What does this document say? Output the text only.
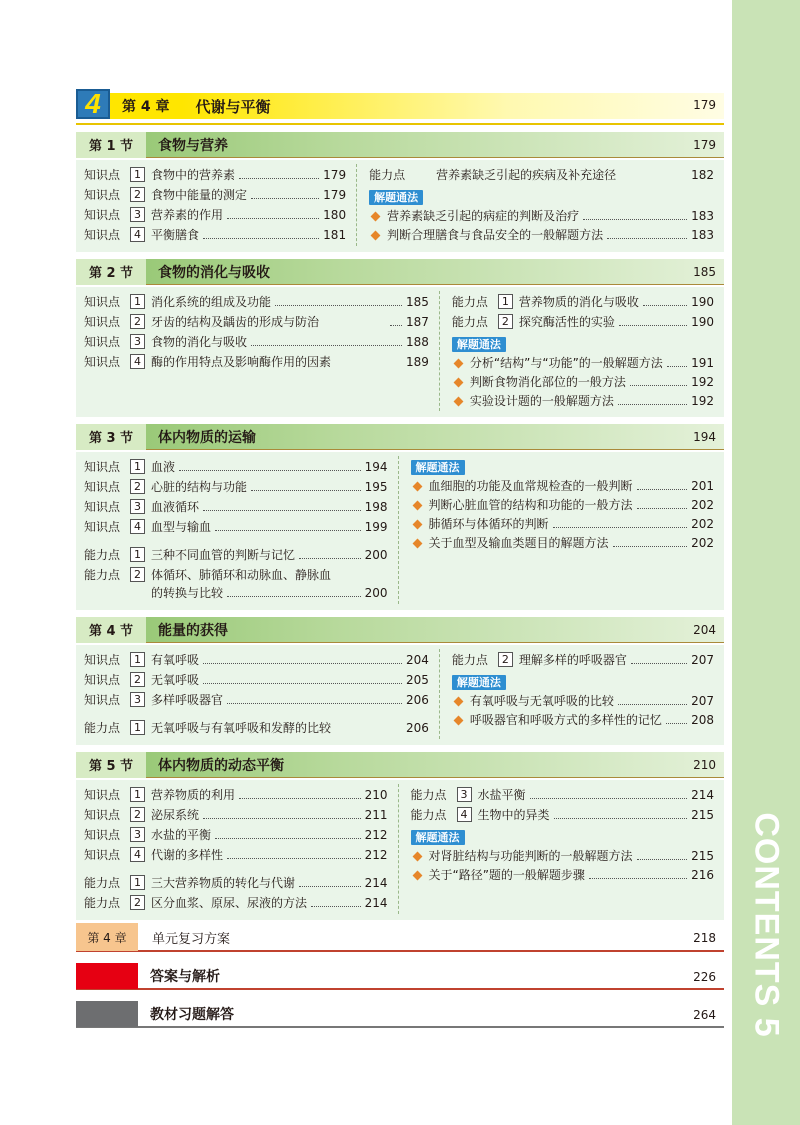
CONTENTS 5
4	第 4 章	代谢与平衡	179
第 1 节	食物与营养	179
知识点	1 食物中的营养素	179
知识点	2 食物中能量的测定	179
知识点	3 营养素的作用	180
知识点	4 平衡膳食	181
能力点	营养素缺乏引起的疾病及补充途径	182
解题通法
营养素缺乏引起的病症的判断及治疗	183
判断合理膳食与食品安全的一般解题方法	183
第 2 节	食物的消化与吸收	185
知识点	1 消化系统的组成及功能	185
知识点	2 牙齿的结构及龋齿的形成与防治	187
知识点	3 食物的消化与吸收	188
知识点	4 酶的作用特点及影响酶作用的因素	189
能力点	1 营养物质的消化与吸收	190
能力点	2 探究酶活性的实验	190
解题通法
分析“结构”与“功能”的一般解题方法 191
判断食物消化部位的一般方法	192
实验设计题的一般解题方法	192
第 3 节	体内物质的运输	194
知识点	1 血液	194
知识点	2 心脏的结构与功能	195
知识点	3 血液循环	198
知识点	4 血型与输血	199
能力点	1 三种不同血管的判断与记忆	200
能力点	2 体循环、肺循环和动脉血、静脉血
的转换与比较	200
解题通法
血细胞的功能及血常规检查的一般判断	201
判断心脏血管的结构和功能的一般方法	202
肺循环与体循环的判断	202
关于血型及输血类题目的解题方法	202
第 4 节	能量的获得	204
知识点	1 有氧呼吸	204
知识点	2 无氧呼吸	205
知识点	3 多样呼吸器官	206
能力点	1 无氧呼吸与有氧呼吸和发酵的比较	206
能力点	2 理解多样的呼吸器官	207
解题通法
有氧呼吸与无氧呼吸的比较	207
呼吸器官和呼吸方式的多样性的记忆 208
第 5 节	体内物质的动态平衡	210
知识点	1 营养物质的利用	210
知识点	2 泌尿系统	211
知识点	3 水盐的平衡	212
知识点	4 代谢的多样性	212
能力点	1 三大营养物质的转化与代谢	214
能力点	2 区分血浆、原尿、尿液的方法	214
能力点	3 水盐平衡	214
能力点	4 生物中的异类	215
解题通法
对肾脏结构与功能判断的一般解题方法	215
关于“路径”题的一般解题步骤	216
第 4 章	单元复习方案	218
答案与解析	226
教材习题解答	264
